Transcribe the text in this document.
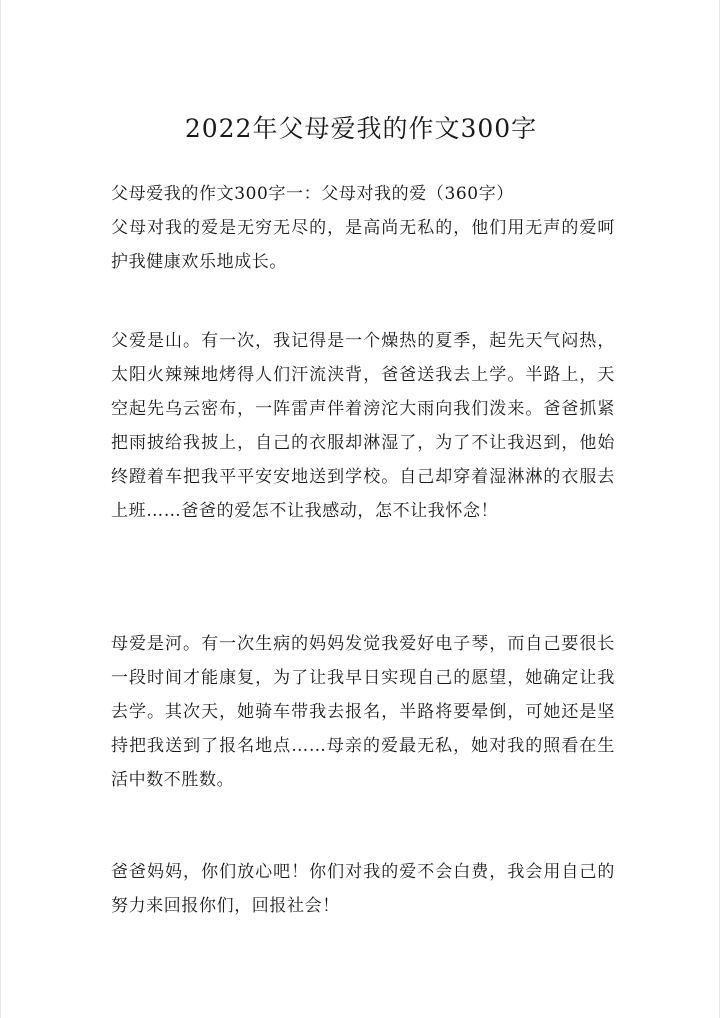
2022年父母爱我的作文300字

父母爱我的作文300字一：父母对我的爱（360字）

父母对我的爱是无穷无尽的，是高尚无私的，他们用无声的爱呵护我健康欢乐地成长。

父爱是山。有一次，我记得是一个燥热的夏季，起先天气闷热，太阳火辣辣地烤得人们汗流浃背，爸爸送我去上学。半路上，天空起先乌云密布，一阵雷声伴着滂沱大雨向我们泼来。爸爸抓紧把雨披给我披上，自己的衣服却淋湿了，为了不让我迟到，他始终蹬着车把我平平安安地送到学校。自己却穿着湿淋淋的衣服去上班……爸爸的爱怎不让我感动，怎不让我怀念！

母爱是河。有一次生病的妈妈发觉我爱好电子琴，而自己要很长一段时间才能康复，为了让我早日实现自己的愿望，她确定让我去学。其次天，她骑车带我去报名，半路将要晕倒，可她还是坚持把我送到了报名地点……母亲的爱最无私，她对我的照看在生活中数不胜数。

爸爸妈妈，你们放心吧！你们对我的爱不会白费，我会用自己的努力来回报你们，回报社会！
